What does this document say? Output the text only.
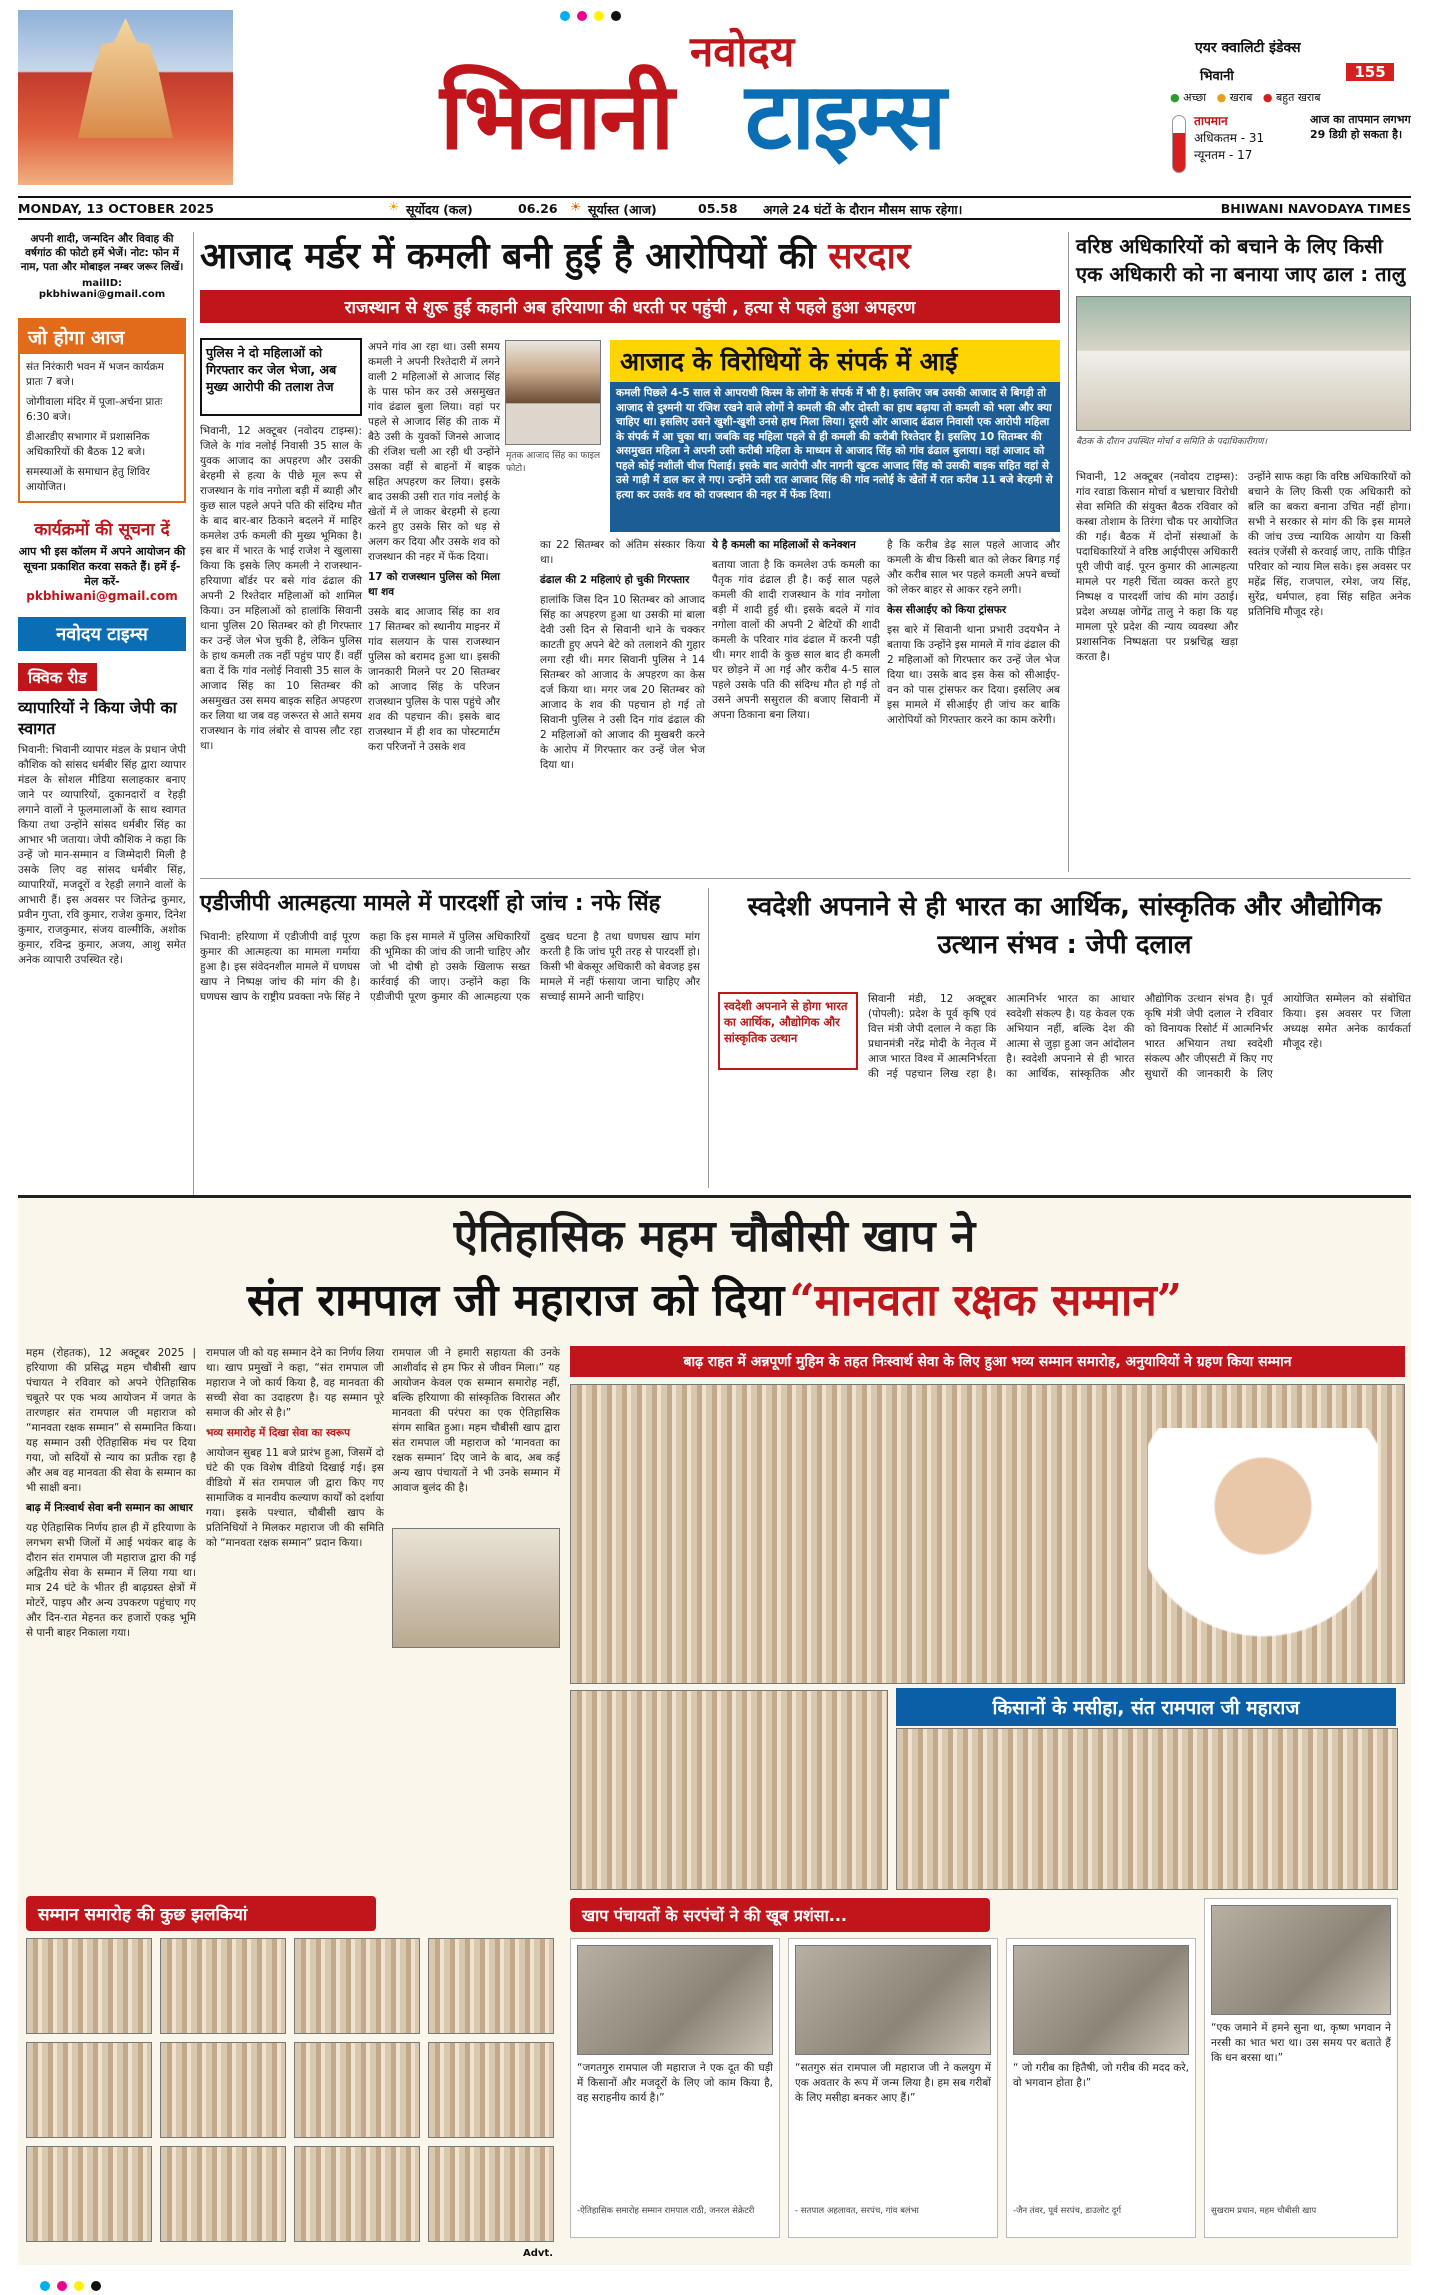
नवोदय
भिवानी टाइम्स
एयर क्वालिटी इंडेक्स
भिवानी	155
● अच्छा ● खराब ● बहुत खराब
तापमान
अधिकतम - 31
न्यूनतम - 17
आज का तापमान लगभग 29 डिग्री हो सकता है।
MONDAY, 13 OCTOBER 2025	☀ सूर्योदय (कल)	06.26 ☀ सूर्यास्त (आज)	05.58 अगले 24 घंटों के दौरान मौसम साफ रहेगा।	BHIWANI NAVODAYA TIMES
अपनी शादी, जन्मदिन और विवाह की वर्षगांठ की फोटो हमें भेजें। नोट: फोन में नाम, पता और मोबाइल नम्बर जरूर लिखें।
mailID: pkbhiwani@gmail.com
जो होगा आज
संत निरंकारी भवन में भजन कार्यक्रम प्रातः 7 बजे।
जोगीवाला मंदिर में पूजा-अर्चना प्रातः 6:30 बजे।
डीआरडीए सभागार में प्रशासनिक अधिकारियों की बैठक 12 बजे।
समस्याओं के समाधान हेतु शिविर आयोजित।
कार्यक्रमों की सूचना दें
आप भी इस कॉलम में अपने आयोजन की सूचना प्रकाशित करवा सकते हैं। हमें ई-मेल करें-
pkbhiwani@gmail.com
नवोदय टाइम्स
क्विक रीड
व्यापारियों ने किया जेपी का स्वागत
भिवानी: भिवानी व्यापार मंडल के प्रधान जेपी कौशिक को सांसद धर्मबीर सिंह द्वारा व्यापार मंडल के सोशल मीडिया सलाहकार बनाए जाने पर व्यापारियों, दुकानदारों व रेहड़ी लगाने वालों ने फूलमालाओं के साथ स्वागत किया तथा उन्होंने सांसद धर्मबीर सिंह का आभार भी जताया। जेपी कौशिक ने कहा कि उन्हें जो मान-सम्मान व जिम्मेदारी मिली है उसके लिए वह सांसद धर्मबीर सिंह, व्यापारियों, मजदूरों व रेहड़ी लगाने वालों के आभारी हैं। इस अवसर पर जितेन्द्र कुमार, प्रवीन गुप्ता, रवि कुमार, राजेश कुमार, दिनेश कुमार, राजकुमार, संजय वाल्मीकि, अशोक कुमार, रविन्द्र कुमार, अजय, आशु समेत अनेक व्यापारी उपस्थित रहे।
आजाद मर्डर में कमली बनी हुई है आरोपियों की सरदार
राजस्थान से शुरू हुई कहानी अब हरियाणा की धरती पर पहुंची , हत्या से पहले हुआ अपहरण
पुलिस ने दो महिलाओं को गिरफ्तार कर जेल भेजा, अब मुख्य आरोपी की तलाश तेज
मृतक आजाद सिंह का फाइल फोटो।
आजाद के विरोधियों के संपर्क में आई
कमली पिछले 4-5 साल से आपराधी किस्म के लोगों के संपर्क में भी है। इसलिए जब उसकी आजाद से बिगड़ी तो आजाद से दुश्मनी या रंजिश रखने वाले लोगों ने कमली की और दोस्ती का हाथ बढ़ाया तो कमली को भला और क्या चाहिए था। इसलिए उसने खुशी-खुशी उनसे हाथ मिला लिया। दूसरी ओर आजाद ढंढाल निवासी एक आरोपी महिला के संपर्क में आ चुका था। जबकि वह महिला पहले से ही कमली की करीबी रिश्तेदार है। इसलिए 10 सितम्बर की असमुखत महिला ने अपनी उसी करीबी महिला के माध्यम से आजाद सिंह को गांव ढंढाल बुलाया। वहां आजाद को पहले कोई नशीली चीज पिलाई। इसके बाद आरोपी और नागनी खुटक आजाद सिंह को उसकी बाइक सहित वहां से उसे गाड़ी में डाल कर ले गए। उन्होंने उसी रात आजाद सिंह की गांव नलोई के खेतों में रात करीब 11 बजे बेरहमी से हत्या कर उसके शव को राजस्थान की नहर में फेंक दिया।
भिवानी, 12 अक्टूबर (नवोदय टाइम्स): जिले के गांव नलोई निवासी 35 साल के युवक आजाद का अपहरण और उसकी बेरहमी से हत्या के पीछे मूल रूप से राजस्थान के गांव नगोला बड़ी में ब्याही और कुछ साल पहले अपने पति की संदिग्ध मौत के बाद बार-बार ठिकाने बदलने में माहिर कमलेश उर्फ कमली की मुख्य भूमिका है। इस बार में भारत के भाई राजेश ने खुलासा किया कि इसके लिए कमली ने राजस्थान-हरियाणा बॉर्डर पर बसे गांव ढंढाल की अपनी 2 रिश्तेदार महिलाओं को शामिल किया। उन महिलाओं को हालांकि सिवानी थाना पुलिस 20 सितम्बर को ही गिरफ्तार कर उन्हें जेल भेज चुकी है, लेकिन पुलिस के हाथ कमली तक नहीं पहुंच पाए हैं। वहीं बता दें कि गांव नलोई निवासी 35 साल के आजाद सिंह का 10 सितम्बर की असमुखत उस समय बाइक सहित अपहरण कर लिया था जब वह जरूरत से आते समय राजस्थान के गांव लंबोर से वापस लौट रहा था।
अपने गांव आ रहा था। उसी समय कमली ने अपनी रिश्तेदारी में लगने वाली 2 महिलाओं से आजाद सिंह के पास फोन कर उसे असमुखत गांव ढंढाल बुला लिया। वहां पर पहले से आजाद सिंह की ताक में बैठे उसी के युवकों जिनसे आजाद की रंजिश चली आ रही थी उन्होंने उसका वहीं से बाहनों में बाइक सहित अपहरण कर लिया। इसके बाद उसकी उसी रात गांव नलोई के खेतों में ले जाकर बेरहमी से हत्या करने हुए उसके सिर को धड़ से अलग कर दिया और उसके शव को राजस्थान की नहर में फेंक दिया।
17 को राजस्थान पुलिस को मिला था शव
उसके बाद आजाद सिंह का शव 17 सितम्बर को स्थानीय माइनर में गांव सलयान के पास राजस्थान पुलिस को बरामद हुआ था। इसकी जानकारी मिलने पर 20 सितम्बर को आजाद सिंह के परिजन राजस्थान पुलिस के पास पहुंचे और शव की पहचान की। इसके बाद राजस्थान में ही शव का पोस्टमार्टम करा परिजनों ने उसके शव
का 22 सितम्बर को अंतिम संस्कार किया था।
ढंढाल की 2 महिलाएं हो चुकी गिरफ्तार
हालांकि जिस दिन 10 सितम्बर को आजाद सिंह का अपहरण हुआ था उसकी मां बाला देवी उसी दिन से सिवानी थाने के चक्कर काटती हुए अपने बेटे को तलाशने की गुहार लगा रही थी। मगर सिवानी पुलिस ने 14 सितम्बर को आजाद के अपहरण का केस दर्ज किया था। मगर जब 20 सितम्बर को आजाद के शव की पहचान हो गई तो सिवानी पुलिस ने उसी दिन गांव ढंढाल की 2 महिलाओं को आजाद की मुखबरी करने के आरोप में गिरफ्तार कर उन्हें जेल भेज दिया था।
ये है कमली का महिलाओं से कनेक्शन
बताया जाता है कि कमलेश उर्फ कमली का पैतृक गांव ढंढाल ही है। कई साल पहले कमली की शादी राजस्थान के गांव नगोला बड़ी में शादी हुई थी। इसके बदले में गांव नगोला वालों की अपनी 2 बेटियों की शादी कमली के परिवार गांव ढंढाल में करनी पड़ी थी। मगर शादी के कुछ साल बाद ही कमली घर छोड़ने में आ गई और करीब 4-5 साल पहले उसके पति की संदिग्ध मौत हो गई तो उसने अपनी ससुराल की बजाए सिवानी में अपना ठिकाना बना लिया।
है कि करीब डेढ़ साल पहले आजाद और कमली के बीच किसी बात को लेकर बिगड़ गई और करीब साल भर पहले कमली अपने बच्चों को लेकर बाहर से आकर रहने लगी।
केस सीआईए को किया ट्रांसफर
इस बारे में सिवानी थाना प्रभारी उदयभैन ने बताया कि उन्होंने इस मामले में गांव ढंढाल की 2 महिलाओं को गिरफ्तार कर उन्हें जेल भेज दिया था। उसके बाद इस केस को सीआईए-वन को पास ट्रांसफर कर दिया। इसलिए अब इस मामले में सीआईए ही जांच कर बाकि आरोपियों को गिरफ्तार करने का काम करेगी।
वरिष्ठ अधिकारियों को बचाने के लिए किसी एक अधिकारी को ना बनाया जाए ढाल : तालु
बैठक के दौरान उपस्थित मोर्चा व समिति के पदाधिकारीगण।
भिवानी, 12 अक्टूबर (नवोदय टाइम्स): गांव रवाडा किसान मोर्चा व भ्रष्टाचार विरोधी सेवा समिति की संयुक्त बैठक रविवार को कस्बा तोशाम के तिरंगा चौक पर आयोजित की गई। बैठक में दोनों संस्थाओं के पदाधिकारियों ने वरिष्ठ आईपीएस अधिकारी पूरी जीपी वाई. पूरन कुमार की आत्महत्या मामले पर गहरी चिंता व्यक्त करते हुए निष्पक्ष व पारदर्शी जांच की मांग उठाई। प्रदेश अध्यक्ष जोगेंद्र तालु ने कहा कि यह मामला पूरे प्रदेश की न्याय व्यवस्था और प्रशासनिक निष्पक्षता पर प्रश्नचिह्न खड़ा करता है।
उन्होंने साफ कहा कि वरिष्ठ अधिकारियों को बचाने के लिए किसी एक अधिकारी को बलि का बकरा बनाना उचित नहीं होगा। सभी ने सरकार से मांग की कि इस मामले की जांच उच्च न्यायिक आयोग या किसी स्वतंत्र एजेंसी से करवाई जाए, ताकि पीड़ित परिवार को न्याय मिल सके। इस अवसर पर महेंद्र सिंह, राजपाल, रमेश, जय सिंह, सुरेंद्र, धर्मपाल, हवा सिंह सहित अनेक प्रतिनिधि मौजूद रहे।
एडीजीपी आत्महत्या मामले में पारदर्शी हो जांच : नफे सिंह
भिवानी: हरियाणा में एडीजीपी वाई पूरण कुमार की आत्महत्या का मामला गर्माया हुआ है। इस संवेदनशील मामले में घणघस खाप ने निष्पक्ष जांच की मांग की है। घणघस खाप के राष्ट्रीय प्रवक्ता नफे सिंह ने कहा कि इस मामले में पुलिस अधिकारियों की भूमिका की जांच की जानी चाहिए और जो भी दोषी हो उसके खिलाफ सख्त कार्रवाई की जाए। उन्होंने कहा कि एडीजीपी पूरण कुमार की आत्महत्या एक दुखद घटना है तथा घणघस खाप मांग करती है कि जांच पूरी तरह से पारदर्शी हो। किसी भी बेकसूर अधिकारी को बेवजह इस मामले में नहीं फंसाया जाना चाहिए और सच्चाई सामने आनी चाहिए।
स्वदेशी अपनाने से ही भारत का आर्थिक, सांस्कृतिक और औद्योगिक उत्थान संभव : जेपी दलाल
स्वदेशी अपनाने से होगा भारत का आर्थिक, औद्योगिक और सांस्कृतिक उत्थान
सिवानी मंडी, 12 अक्टूबर (पोपली): प्रदेश के पूर्व कृषि एवं वित्त मंत्री जेपी दलाल ने कहा कि प्रधानमंत्री नरेंद्र मोदी के नेतृत्व में आज भारत विश्व में आत्मनिर्भरता की नई पहचान लिख रहा है। आत्मनिर्भर भारत का आधार स्वदेशी संकल्प है। यह केवल एक अभियान नहीं, बल्कि देश की आत्मा से जुड़ा हुआ जन आंदोलन है। स्वदेशी अपनाने से ही भारत का आर्थिक, सांस्कृतिक और औद्योगिक उत्थान संभव है। पूर्व कृषि मंत्री जेपी दलाल ने रविवार को विनायक रिसोर्ट में आत्मनिर्भर भारत अभियान तथा स्वदेशी संकल्प और जीएसटी में किए गए सुधारों की जानकारी के लिए आयोजित सम्मेलन को संबोधित किया। इस अवसर पर जिला अध्यक्ष समेत अनेक कार्यकर्ता मौजूद रहे।
ऐतिहासिक महम चौबीसी खाप ने
संत रामपाल जी महाराज को दिया “मानवता रक्षक सम्मान”
महम (रोहतक), 12 अक्टूबर 2025 | हरियाणा की प्रसिद्ध महम चौबीसी खाप पंचायत ने रविवार को अपने ऐतिहासिक चबूतरे पर एक भव्य आयोजन में जगत के तारणहार संत रामपाल जी महाराज को “मानवता रक्षक सम्मान” से सम्मानित किया। यह सम्मान उसी ऐतिहासिक मंच पर दिया गया, जो सदियों से न्याय का प्रतीक रहा है और अब वह मानवता की सेवा के सम्मान का भी साक्षी बना।
बाढ़ में निःस्वार्थ सेवा बनी सम्मान का आधार
यह ऐतिहासिक निर्णय हाल ही में हरियाणा के लगभग सभी जिलों में आई भयंकर बाढ़ के दौरान संत रामपाल जी महाराज द्वारा की गई अद्वितीय सेवा के सम्मान में लिया गया था। मात्र 24 घंटे के भीतर ही बाढ़ग्रस्त क्षेत्रों में मोटरें, पाइप और अन्य उपकरण पहुंचाए गए और दिन-रात मेहनत कर हजारों एकड़ भूमि से पानी बाहर निकाला गया।
रामपाल जी को यह सम्मान देने का निर्णय लिया था। खाप प्रमुखों ने कहा, “संत रामपाल जी महाराज ने जो कार्य किया है, वह मानवता की सच्ची सेवा का उदाहरण है। यह सम्मान पूरे समाज की ओर से है।”
भव्य समारोह में दिखा सेवा का स्वरूप
आयोजन सुबह 11 बजे प्रारंभ हुआ, जिसमें दो घंटे की एक विशेष वीडियो दिखाई गई। इस वीडियो में संत रामपाल जी द्वारा किए गए सामाजिक व मानवीय कल्याण कार्यों को दर्शाया गया। इसके पश्चात, चौबीसी खाप के प्रतिनिधियों ने मिलकर महाराज जी की समिति को “मानवता रक्षक सम्मान” प्रदान किया।
रामपाल जी ने हमारी सहायता की उनके आशीर्वाद से हम फिर से जीवन मिला।” यह आयोजन केवल एक सम्मान समारोह नहीं, बल्कि हरियाणा की सांस्कृतिक विरासत और मानवता की परंपरा का एक ऐतिहासिक संगम साबित हुआ। महम चौबीसी खाप द्वारा संत रामपाल जी महाराज को ‘मानवता का रक्षक सम्मान’ दिए जाने के बाद, अब कई अन्य खाप पंचायतों ने भी उनके सम्मान में आवाज बुलंद की है।
सम्मान समारोह की कुछ झलकियां
बाढ़ राहत में अन्नपूर्णा मुहिम के तहत निःस्वार्थ सेवा के लिए हुआ भव्य सम्मान समारोह, अनुयायियों ने ग्रहण किया सम्मान
किसानों के मसीहा, संत रामपाल जी महाराज
खाप पंचायतों के सरपंचों ने की खूब प्रशंसा...
“जगतगुरु रामपाल जी महाराज ने एक दूत की घड़ी में किसानों और मजदूरों के लिए जो काम किया है, वह सराहनीय कार्य है।”
-ऐतिहासिक समारोह सम्मान रामपाल राठी, जनरल सेक्रेटरी
“सतगुरु संत रामपाल जी महाराज जी ने कलयुग में एक अवतार के रूप में जन्म लिया है। हम सब गरीबों के लिए मसीहा बनकर आए हैं।”
- सतपाल अहलावत, सरपंच, गांव बलंभा
“ जो गरीब का हितैषी, जो गरीब की मदद करे, वो भगवान होता है।”
-जैन तंवर, पूर्व सरपंच, डाउलोट दूर्ग
“एक जमाने में हमने सुना था, कृष्ण भगवान ने नरसी का भात भरा था। उस समय पर बताते हैं कि धन बरसा था।”
सुखराम प्रधान, महम चौबीसी खाप
Advt.
